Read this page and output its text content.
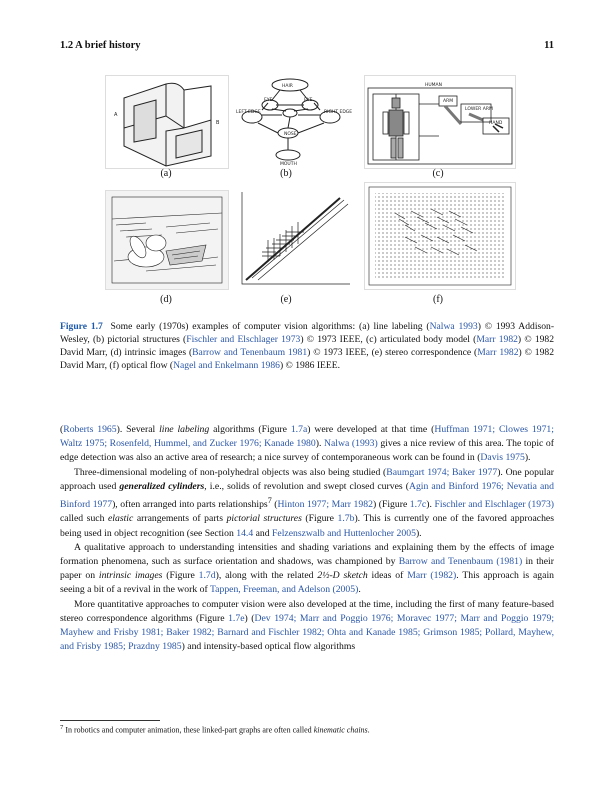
1.2 A brief history	11
A
B
(a)
HAIR
EYE	EYE
NOSE
LEFT EDGE	RIGHT EDGE
MOUTH
(b)
HUMAN
ARM
LOWER ARM
HAND
(c)
(d)	(e)	(f)
Figure 1.7 Some early (1970s) examples of computer vision algorithms: (a) line labeling (Nalwa 1993) © 1993 Addison-Wesley, (b) pictorial structures (Fischler and Elschlager 1973) © 1973 IEEE, (c) articulated body model (Marr 1982) © 1982 David Marr, (d) intrinsic images (Barrow and Tenenbaum 1981) © 1973 IEEE, (e) stereo correspondence (Marr 1982) © 1982 David Marr, (f) optical flow (Nagel and Enkelmann 1986) © 1986 IEEE.

(Roberts 1965). Several line labeling algorithms (Figure 1.7a) were developed at that time (Huffman 1971; Clowes 1971; Waltz 1975; Rosenfeld, Hummel, and Zucker 1976; Kanade 1980). Nalwa (1993) gives a nice review of this area. The topic of edge detection was also an active area of research; a nice survey of contemporaneous work can be found in (Davis 1975).

Three-dimensional modeling of non-polyhedral objects was also being studied (Baumgart 1974; Baker 1977). One popular approach used generalized cylinders, i.e., solids of revolution and swept closed curves (Agin and Binford 1976; Nevatia and Binford 1977), often arranged into parts relationships$^7$ (Hinton 1977; Marr 1982) (Figure 1.7c). Fischler and Elschlager (1973) called such elastic arrangements of parts pictorial structures (Figure 1.7b). This is currently one of the favored approaches being used in object recognition (see Section 14.4 and Felzenszwalb and Huttenlocher 2005).

A qualitative approach to understanding intensities and shading variations and explaining them by the effects of image formation phenomena, such as surface orientation and shadows, was championed by Barrow and Tenenbaum (1981) in their paper on intrinsic images (Figure 1.7d), along with the related 2½-D sketch ideas of Marr (1982). This approach is again seeing a bit of a revival in the work of Tappen, Freeman, and Adelson (2005).

More quantitative approaches to computer vision were also developed at the time, including the first of many feature-based stereo correspondence algorithms (Figure 1.7e) (Dev 1974; Marr and Poggio 1976; Moravec 1977; Marr and Poggio 1979; Mayhew and Frisby 1981; Baker 1982; Barnard and Fischler 1982; Ohta and Kanade 1985; Grimson 1985; Pollard, Mayhew, and Frisby 1985; Prazdny 1985) and intensity-based optical flow algorithms

$^7$ In robotics and computer animation, these linked-part graphs are often called kinematic chains.
